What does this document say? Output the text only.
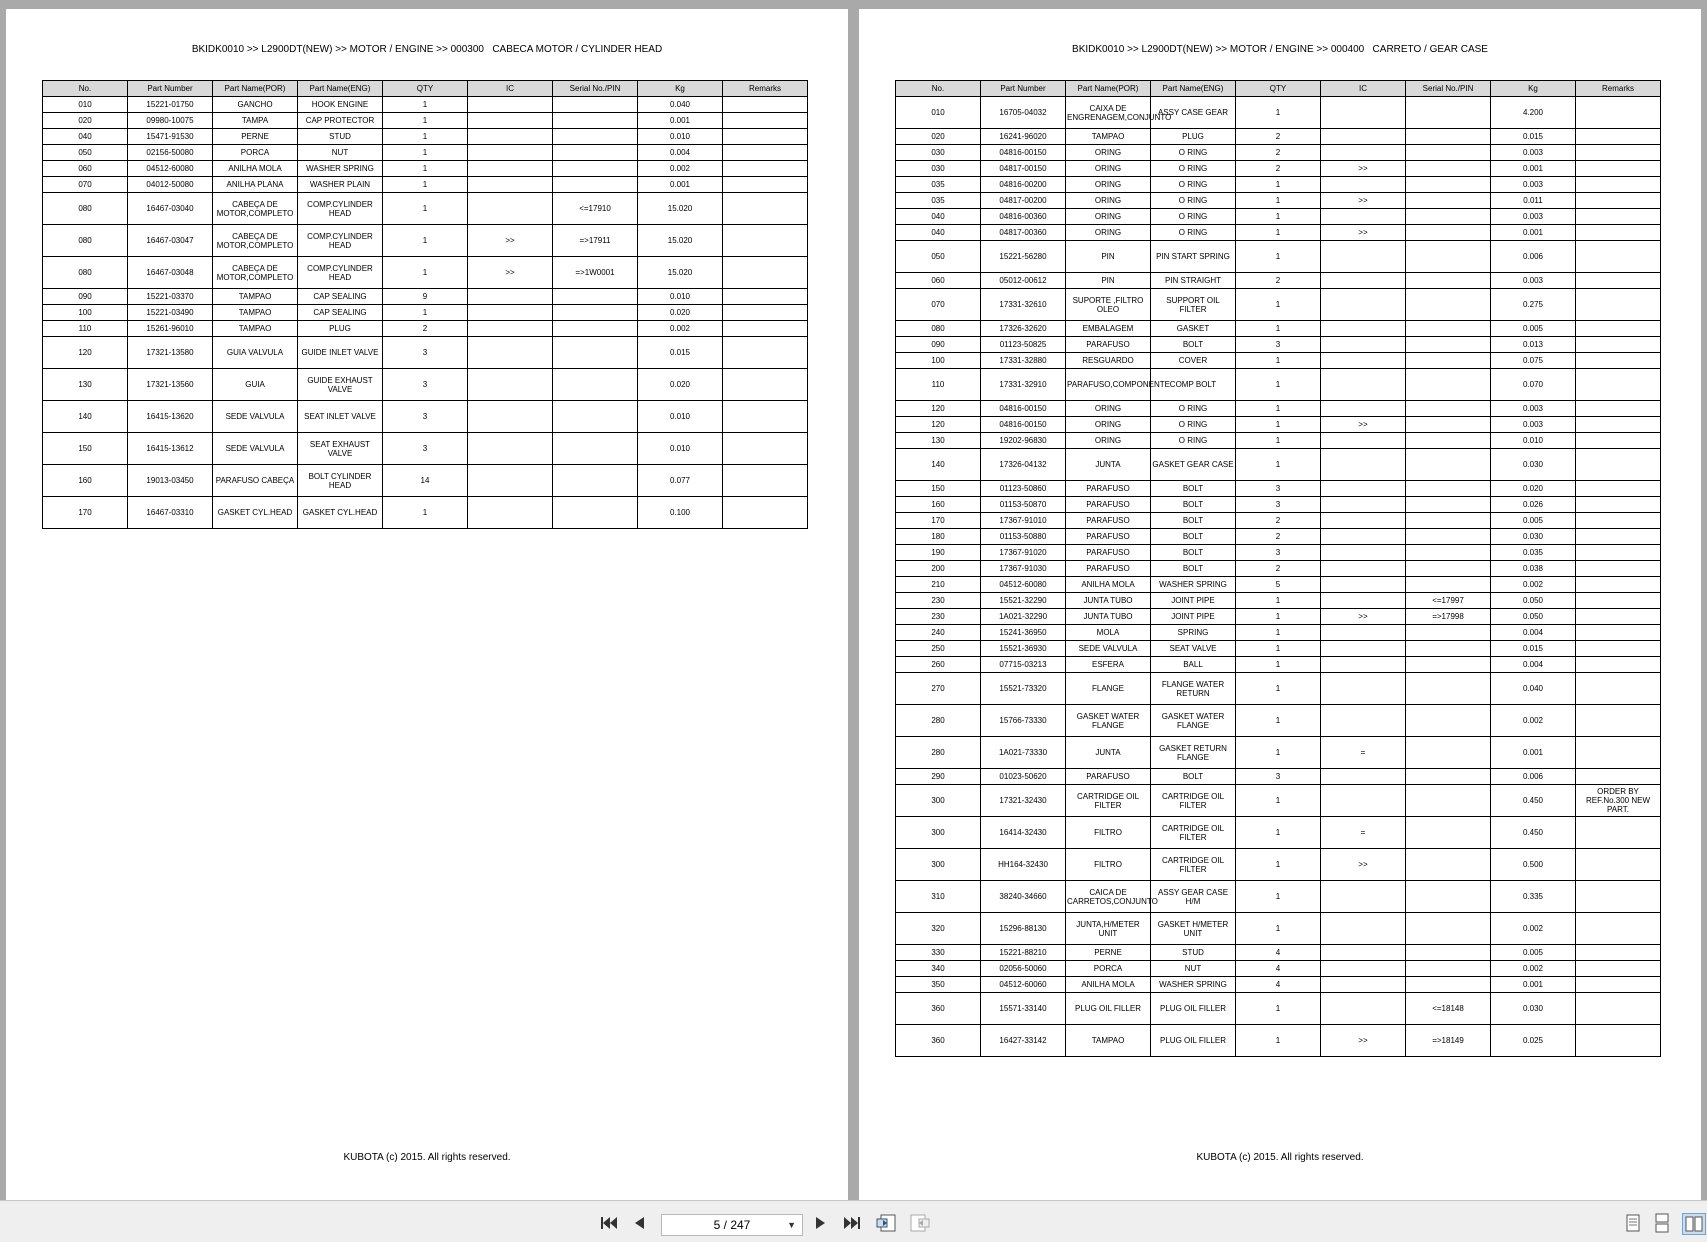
BKIDK0010 >> L2900DT(NEW) >> MOTOR / ENGINE >> 000300   CABECA MOTOR / CYLINDER HEAD
No.	Part Number	Part Name(POR)	Part Name(ENG)	QTY	IC	Serial No./PIN	Kg	Remarks
010	15221-01750	GANCHO	HOOK ENGINE	1			0.040	
020	09980-10075	TAMPA	CAP PROTECTOR	1			0.001	
040	15471-91530	PERNE	STUD	1			0.010	
050	02156-50080	PORCA	NUT	1			0.004	
060	04512-60080	ANILHA MOLA	WASHER SPRING	1			0.002	
070	04012-50080	ANILHA PLANA	WASHER PLAIN	1			0.001	
080	16467-03040	CABEÇA DE MOTOR,COMPLETO	COMP.CYLINDER HEAD	1		<=17910	15.020	
080	16467-03047	CABEÇA DE MOTOR,COMPLETO	COMP.CYLINDER HEAD	1	>>	=>17911	15.020	
080	16467-03048	CABEÇA DE MOTOR,COMPLETO	COMP.CYLINDER HEAD	1	>>	=>1W0001	15.020	
090	15221-03370	TAMPAO	CAP SEALING	9			0.010	
100	15221-03490	TAMPAO	CAP SEALING	1			0.020	
110	15261-96010	TAMPAO	PLUG	2			0.002	
120	17321-13580	GUIA VALVULA	GUIDE INLET VALVE	3			0.015	
130	17321-13560	GUIA	GUIDE EXHAUST VALVE	3			0.020	
140	16415-13620	SEDE VALVULA	SEAT INLET VALVE	3			0.010	
150	16415-13612	SEDE VALVULA	SEAT EXHAUST VALVE	3			0.010	
160	19013-03450	PARAFUSO CABEÇA	BOLT CYLINDER HEAD	14			0.077	
170	16467-03310	GASKET CYL.HEAD	GASKET CYL.HEAD	1			0.100	
KUBOTA (c) 2015. All rights reserved.
BKIDK0010 >> L2900DT(NEW) >> MOTOR / ENGINE >> 000400   CARRETO / GEAR CASE
No.	Part Number	Part Name(POR)	Part Name(ENG)	QTY	IC	Serial No./PIN	Kg	Remarks
010	16705-04032	CAIXA DE ENGRENAGEM,CONJUNTO	ASSY CASE GEAR	1			4.200	
020	16241-96020	TAMPAO	PLUG	2			0.015	
030	04816-00150	ORING	O RING	2			0.003	
030	04817-00150	ORING	O RING	2	>>		0.001	
035	04816-00200	ORING	O RING	1			0.003	
035	04817-00200	ORING	O RING	1	>>		0.011	
040	04816-00360	ORING	O RING	1			0.003	
040	04817-00360	ORING	O RING	1	>>		0.001	
050	15221-56280	PIN	PIN START SPRING	1			0.006	
060	05012-00612	PIN	PIN STRAIGHT	2			0.003	
070	17331-32610	SUPORTE ,FILTRO OLEO	SUPPORT OIL FILTER	1			0.275	
080	17326-32620	EMBALAGEM	GASKET	1			0.005	
090	01123-50825	PARAFUSO	BOLT	3			0.013	
100	17331-32880	RESGUARDO	COVER	1			0.075	
110	17331-32910	PARAFUSO,COMPONENTE	COMP BOLT	1			0.070	
120	04816-00150	ORING	O RING	1			0.003	
120	04816-00150	ORING	O RING	1	>>		0.003	
130	19202-96830	ORING	O RING	1			0.010	
140	17326-04132	JUNTA	GASKET GEAR CASE	1			0.030	
150	01123-50860	PARAFUSO	BOLT	3			0.020	
160	01153-50870	PARAFUSO	BOLT	3			0.026	
170	17367-91010	PARAFUSO	BOLT	2			0.005	
180	01153-50880	PARAFUSO	BOLT	2			0.030	
190	17367-91020	PARAFUSO	BOLT	3			0.035	
200	17367-91030	PARAFUSO	BOLT	2			0.038	
210	04512-60080	ANILHA MOLA	WASHER SPRING	5			0.002	
230	15521-32290	JUNTA TUBO	JOINT PIPE	1		<=17997	0.050	
230	1A021-32290	JUNTA TUBO	JOINT PIPE	1	>>	=>17998	0.050	
240	15241-36950	MOLA	SPRING	1			0.004	
250	15521-36930	SEDE VALVULA	SEAT VALVE	1			0.015	
260	07715-03213	ESFERA	BALL	1			0.004	
270	15521-73320	FLANGE	FLANGE WATER RETURN	1			0.040	
280	15766-73330	GASKET WATER FLANGE	GASKET WATER FLANGE	1			0.002	
280	1A021-73330	JUNTA	GASKET RETURN FLANGE	1	=		0.001	
290	01023-50620	PARAFUSO	BOLT	3			0.006	
300	17321-32430	CARTRIDGE OIL FILTER	CARTRIDGE OIL FILTER	1			0.450	ORDER BY REF.No.300 NEW PART.
300	16414-32430	FILTRO	CARTRIDGE OIL FILTER	1	=		0.450	
300	HH164-32430	FILTRO	CARTRIDGE OIL FILTER	1	>>		0.500	
310	38240-34660	CAICA DE CARRETOS,CONJUNTO	ASSY GEAR CASE H/M	1			0.335	
320	15296-88130	JUNTA,H/METER UNIT	GASKET H/METER UNIT	1			0.002	
330	15221-88210	PERNE	STUD	4			0.005	
340	02056-50060	PORCA	NUT	4			0.002	
350	04512-60060	ANILHA MOLA	WASHER SPRING	4			0.001	
360	15571-33140	PLUG OIL FILLER	PLUG OIL FILLER	1		<=18148	0.030	
360	16427-33142	TAMPAO	PLUG OIL FILLER	1	>>	=>18149	0.025	
KUBOTA (c) 2015. All rights reserved.
5 / 247	▼
